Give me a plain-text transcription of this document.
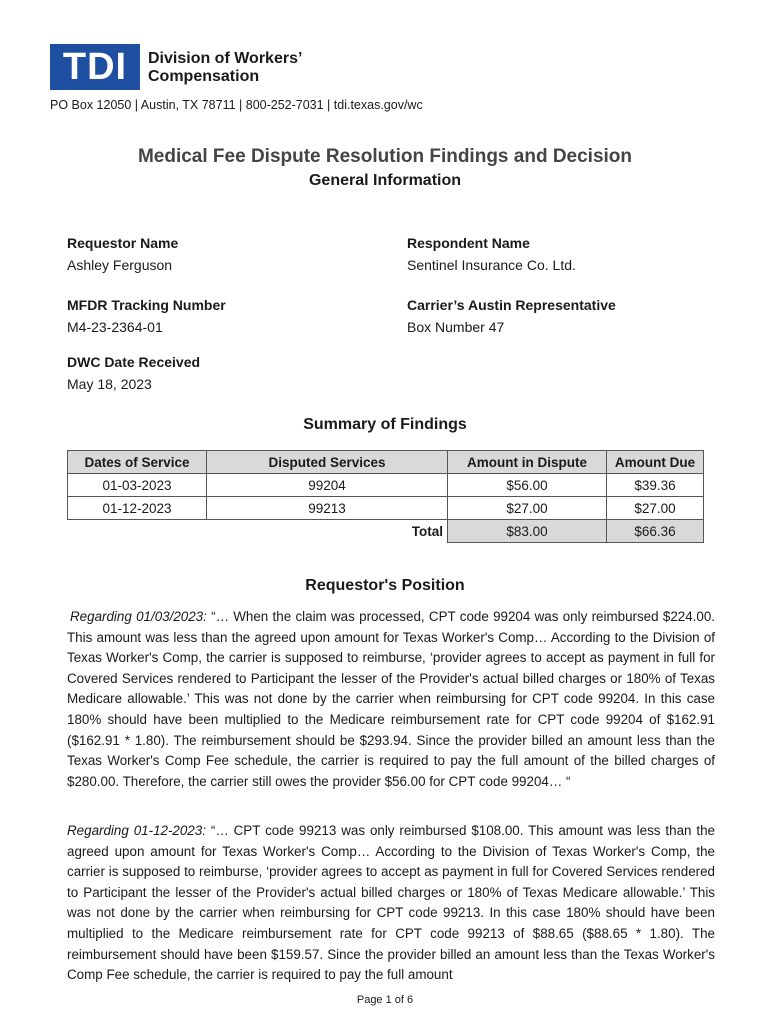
TDI	Division of Workers’
Compensation
PO Box 12050 | Austin, TX 78711 | 800-252-7031 | tdi.texas.gov/wc
Medical Fee Dispute Resolution Findings and Decision
General Information
Requestor Name
Ashley Ferguson
Respondent Name
Sentinel Insurance Co. Ltd.
MFDR Tracking Number
M4-23-2364-01
Carrier’s Austin Representative
Box Number 47
DWC Date Received
May 18, 2023
Summary of Findings
Dates of Service	Disputed Services	Amount in Dispute	Amount Due
01-03-2023	99204	$56.00	$39.36
01-12-2023	99213	$27.00	$27.00
	Total	$83.00	$66.36
Requestor's Position

Regarding 01/03/2023: “… When the claim was processed, CPT code 99204 was only reimbursed $224.00. This amount was less than the agreed upon amount for Texas Worker's Comp… According to the Division of Texas Worker's Comp, the carrier is supposed to reimburse, ‘provider agrees to accept as payment in full for Covered Services rendered to Participant the lesser of the Provider's actual billed charges or 180% of Texas Medicare allowable.’ This was not done by the carrier when reimbursing for CPT code 99204. In this case 180% should have been multiplied to the Medicare reimbursement rate for CPT code 99204 of $162.91 ($162.91 * 1.80). The reimbursement should be $293.94. Since the provider billed an amount less than the Texas Worker's Comp Fee schedule, the carrier is required to pay the full amount of the billed charges of $280.00. Therefore, the carrier still owes the provider $56.00 for CPT code 99204… “

Regarding 01-12-2023: “… CPT code 99213 was only reimbursed $108.00. This amount was less than the agreed upon amount for Texas Worker's Comp… According to the Division of Texas Worker's Comp, the carrier is supposed to reimburse, ‘provider agrees to accept as payment in full for Covered Services rendered to Participant the lesser of the Provider's actual billed charges or 180% of Texas Medicare allowable.’ This was not done by the carrier when reimbursing for CPT code 99213. In this case 180% should have been multiplied to the Medicare reimbursement rate for CPT code 99213 of $88.65 ($88.65 * 1.80). The reimbursement should have been $159.57. Since the provider billed an amount less than the Texas Worker's Comp Fee schedule, the carrier is required to pay the full amount

Page 1 of 6
